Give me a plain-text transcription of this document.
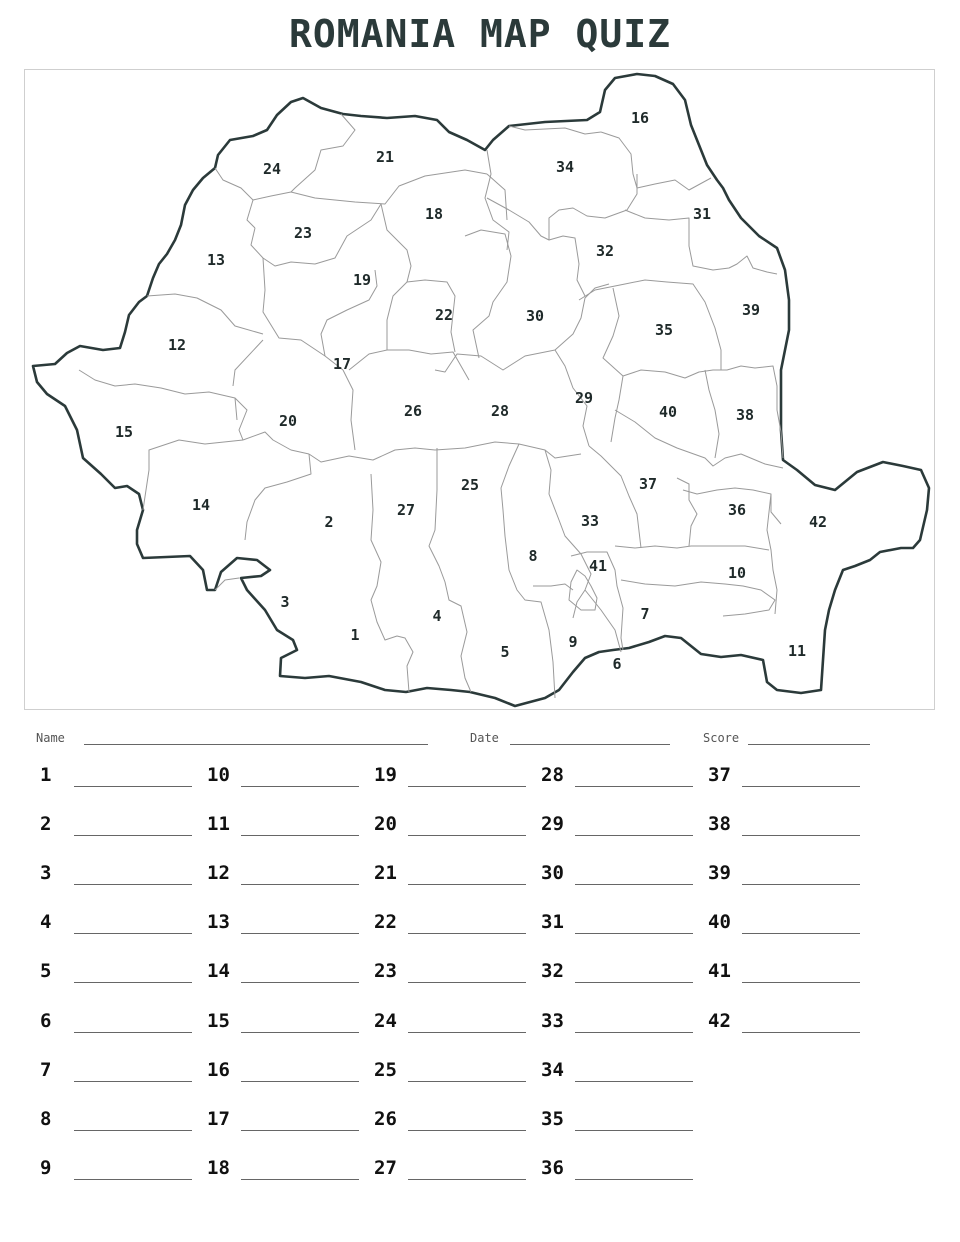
ROMANIA MAP QUIZ
1
2
3
4
5
6
7
8
9
10
11
12
13
14
15
16
17
18
19
20
21
22
23
24
25
26
27
28
29
30
31
32
33
34
35
36
37
38
39
40
41
42
Name	Date	Score
1
2
3
4
5
6
7
8
9
10
11
12
13
14
15
16
17
18
19
20
21
22
23
24
25
26
27
28
29
30
31
32
33
34
35
36
37
38
39
40
41
42
